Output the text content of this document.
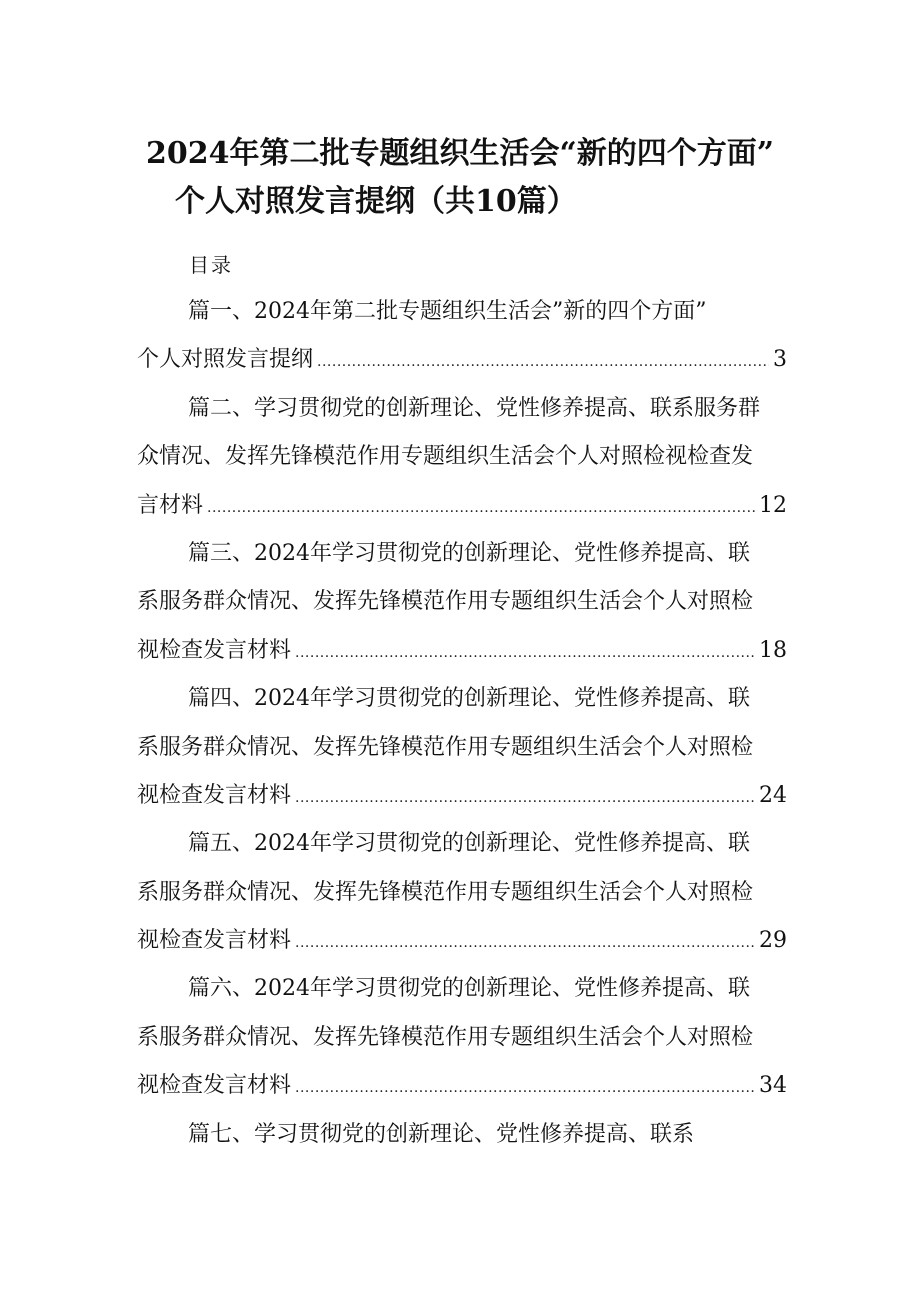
2024年第二批专题组织生活会“新的四个方面”
个人对照发言提纲（共10篇）
目录
篇一、2024年第二批专题组织生活会”新的四个方面”
个人对照发言提纲 .....	3
篇二、学习贯彻党的创新理论、党性修养提高、联系服务群
众情况、发挥先锋模范作用专题组织生活会个人对照检视检查发
言材料 .....	12
篇三、2024年学习贯彻党的创新理论、党性修养提高、联
系服务群众情况、发挥先锋模范作用专题组织生活会个人对照检
视检查发言材料 .....	18
篇四、2024年学习贯彻党的创新理论、党性修养提高、联
系服务群众情况、发挥先锋模范作用专题组织生活会个人对照检
视检查发言材料 .....	24
篇五、2024年学习贯彻党的创新理论、党性修养提高、联
系服务群众情况、发挥先锋模范作用专题组织生活会个人对照检
视检查发言材料 .....	29
篇六、2024年学习贯彻党的创新理论、党性修养提高、联
系服务群众情况、发挥先锋模范作用专题组织生活会个人对照检
视检查发言材料 .....	34
篇七、学习贯彻党的创新理论、党性修养提高、联系
